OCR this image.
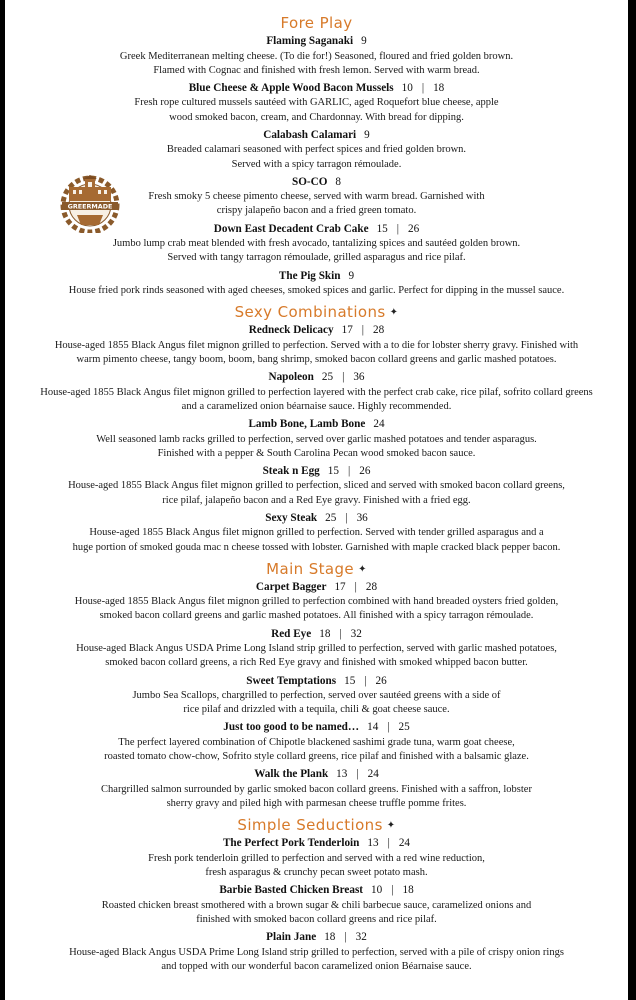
GREERMADE
Fore Play
Flaming Saganaki 9
Greek Mediterranean melting cheese. (To die for!) Seasoned, floured and fried golden brown.
Flamed with Cognac and finished with fresh lemon. Served with warm bread.
Blue Cheese & Apple Wood Bacon Mussels 10 | 18
Fresh rope cultured mussels sautéed with GARLIC, aged Roquefort blue cheese, apple
wood smoked bacon, cream, and Chardonnay. With bread for dipping.
Calabash Calamari 9
Breaded calamari seasoned with perfect spices and fried golden brown.
Served with a spicy tarragon rémoulade.
SO-CO 8
Fresh smoky 5 cheese pimento cheese, served with warm bread. Garnished with
crispy jalapeño bacon and a fried green tomato.
Down East Decadent Crab Cake 15 | 26
Jumbo lump crab meat blended with fresh avocado, tantalizing spices and sautéed golden brown.
Served with tangy tarragon rémoulade, grilled asparagus and rice pilaf.
The Pig Skin 9
House fried pork rinds seasoned with aged cheeses, smoked spices and garlic. Perfect for dipping in the mussel sauce.
Sexy Combinations ✦
Redneck Delicacy 17 | 28
House-aged 1855 Black Angus filet mignon grilled to perfection. Served with a to die for lobster sherry gravy. Finished with
warm pimento cheese, tangy boom, boom, bang shrimp, smoked bacon collard greens and garlic mashed potatoes.
Napoleon 25 | 36
House-aged 1855 Black Angus filet mignon grilled to perfection layered with the perfect crab cake, rice pilaf, sofrito collard greens
and a caramelized onion béarnaise sauce. Highly recommended.
Lamb Bone, Lamb Bone 24
Well seasoned lamb racks grilled to perfection, served over garlic mashed potatoes and tender asparagus.
Finished with a pepper & South Carolina Pecan wood smoked bacon sauce.
Steak n Egg 15 | 26
House-aged 1855 Black Angus filet mignon grilled to perfection, sliced and served with smoked bacon collard greens,
rice pilaf, jalapeño bacon and a Red Eye gravy. Finished with a fried egg.
Sexy Steak 25 | 36
House-aged 1855 Black Angus filet mignon grilled to perfection. Served with tender grilled asparagus and a
huge portion of smoked gouda mac n cheese tossed with lobster. Garnished with maple cracked black pepper bacon.
Main Stage ✦
Carpet Bagger 17 | 28
House-aged 1855 Black Angus filet mignon grilled to perfection combined with hand breaded oysters fried golden,
smoked bacon collard greens and garlic mashed potatoes. All finished with a spicy tarragon rémoulade.
Red Eye 18 | 32
House-aged Black Angus USDA Prime Long Island strip grilled to perfection, served with garlic mashed potatoes,
smoked bacon collard greens, a rich Red Eye gravy and finished with smoked whipped bacon butter.
Sweet Temptations 15 | 26
Jumbo Sea Scallops, chargrilled to perfection, served over sautéed greens with a side of
rice pilaf and drizzled with a tequila, chili & goat cheese sauce.
Just too good to be named… 14 | 25
The perfect layered combination of Chipotle blackened sashimi grade tuna, warm goat cheese,
roasted tomato chow-chow, Sofrito style collard greens, rice pilaf and finished with a balsamic glaze.
Walk the Plank 13 | 24
Chargrilled salmon surrounded by garlic smoked bacon collard greens. Finished with a saffron, lobster
sherry gravy and piled high with parmesan cheese truffle pomme frites.
Simple Seductions ✦
The Perfect Pork Tenderloin 13 | 24
Fresh pork tenderloin grilled to perfection and served with a red wine reduction,
fresh asparagus & crunchy pecan sweet potato mash.
Barbie Basted Chicken Breast 10 | 18
Roasted chicken breast smothered with a brown sugar & chili barbecue sauce, caramelized onions and
finished with smoked bacon collard greens and rice pilaf.
Plain Jane 18 | 32
House-aged Black Angus USDA Prime Long Island strip grilled to perfection, served with a pile of crispy onion rings
and topped with our wonderful bacon caramelized onion Béarnaise sauce.
